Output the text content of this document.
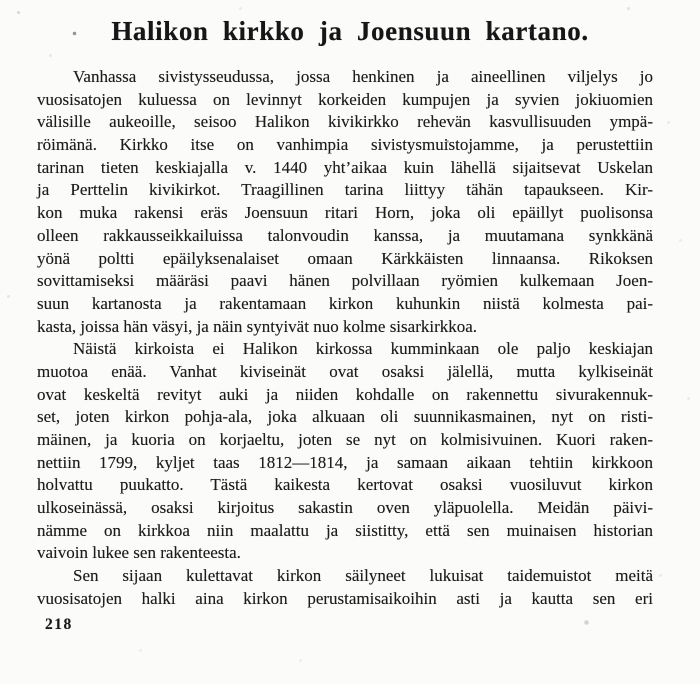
Halikon kirkko ja Joensuun kartano.
Vanhassa sivistysseudussa, jossa henkinen ja aineellinen viljelys jo
vuosisatojen kuluessa on levinnyt korkeiden kumpujen ja syvien jokiuomien
välisille aukeoille, seisoo Halikon kivikirkko rehevän kasvullisuuden ympä-
röimänä. Kirkko itse on vanhimpia sivistysmuistojamme, ja perustettiin
tarinan tieten keskiajalla v. 1440 yht’aikaa kuin lähellä sijaitsevat Uskelan
ja Perttelin kivikirkot. Traagillinen tarina liittyy tähän tapaukseen. Kir-
kon muka rakensi eräs Joensuun ritari Horn, joka oli epäillyt puolisonsa
olleen rakkausseikkailuissa talonvoudin kanssa, ja muutamana synkkänä
yönä poltti epäilyksenalaiset omaan Kärkkäisten linnaansa. Rikoksen
sovittamiseksi määräsi paavi hänen polvillaan ryömien kulkemaan Joen-
suun kartanosta ja rakentamaan kirkon kuhunkin niistä kolmesta pai-
kasta, joissa hän väsyi, ja näin syntyivät nuo kolme sisarkirkkoa.
Näistä kirkoista ei Halikon kirkossa kumminkaan ole paljo keskiajan
muotoa enää. Vanhat kiviseinät ovat osaksi jälellä, mutta kylkiseinät
ovat keskeltä revityt auki ja niiden kohdalle on rakennettu sivurakennuk-
set, joten kirkon pohja-ala, joka alkuaan oli suunnikasmainen, nyt on risti-
mäinen, ja kuoria on korjaeltu, joten se nyt on kolmisivuinen. Kuori raken-
nettiin 1799, kyljet taas 1812—1814, ja samaan aikaan tehtiin kirkkoon
holvattu puukatto. Tästä kaikesta kertovat osaksi vuosiluvut kirkon
ulkoseinässä, osaksi kirjoitus sakastin oven yläpuolella. Meidän päivi-
nämme on kirkkoa niin maalattu ja siistitty, että sen muinaisen historian
vaivoin lukee sen rakenteesta.
Sen sijaan kulettavat kirkon säilyneet lukuisat taidemuistot meitä
vuosisatojen halki aina kirkon perustamisaikoihin asti ja kautta sen eri
218
